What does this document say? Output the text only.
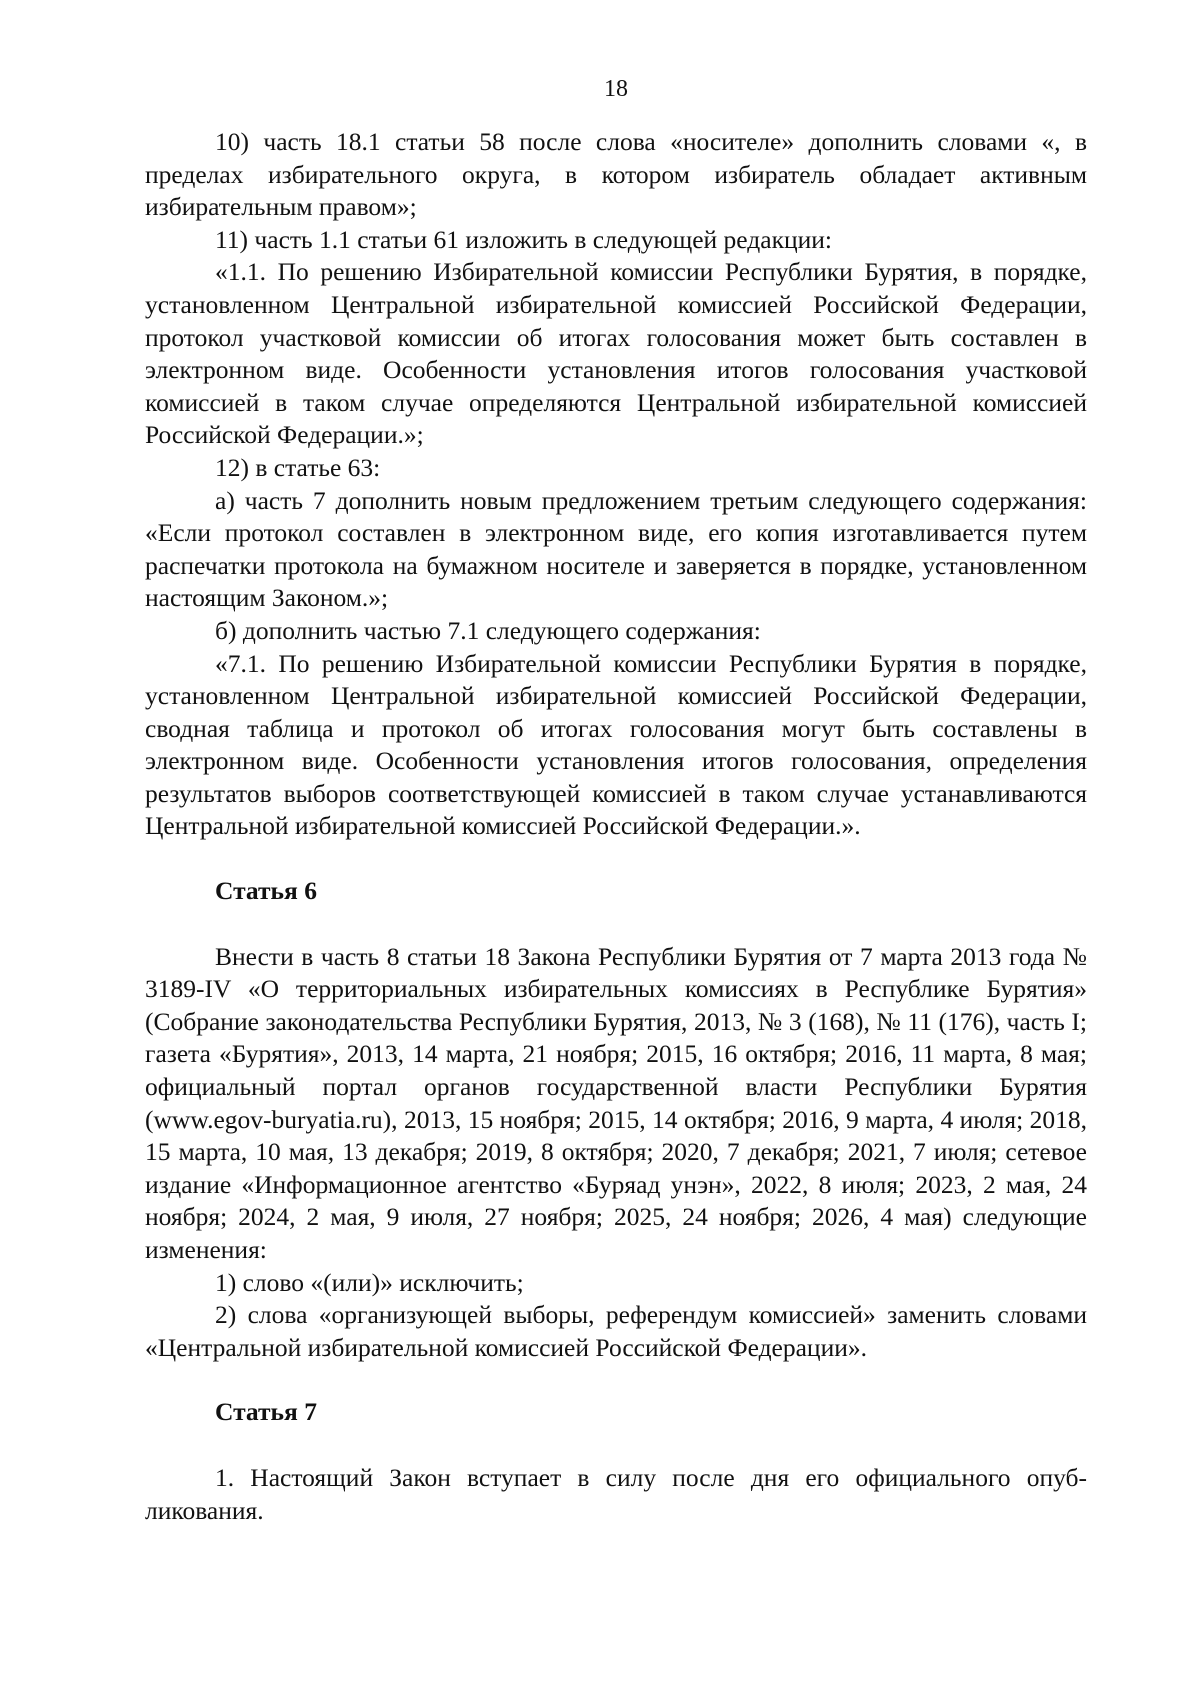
18

10) часть 18.1 статьи 58 после слова «носителе» дополнить словами «, в пределах избирательного округа, в котором избиратель обладает активным избирательным правом»;

11) часть 1.1 статьи 61 изложить в следующей редакции:

«1.1. По решению Избирательной комиссии Республики Бурятия, в порядке, установленном Центральной избирательной комиссией Российской Федерации, протокол участковой комиссии об итогах голосования может быть составлен в электронном виде. Особенности установления итогов голосования участковой комиссией в таком случае определяются Центральной избирательной комиссией Российской Федерации.»;

12) в статье 63:

а) часть 7 дополнить новым предложением третьим следующего содержания: «Если протокол составлен в электронном виде, его копия изготавливается путем распечатки протокола на бумажном носителе и заверяется в порядке, установленном настоящим Законом.»;

б) дополнить частью 7.1 следующего содержания:

«7.1. По решению Избирательной комиссии Республики Бурятия в порядке, установленном Центральной избирательной комиссией Российской Федерации, сводная таблица и протокол об итогах голосования могут быть составлены в электронном виде. Особенности установления итогов голосования, определения результатов выборов соответствующей комиссией в таком случае устанавливаются Центральной избирательной комиссией Российской Федерации.».

Статья 6

Внести в часть 8 статьи 18 Закона Республики Бурятия от 7 марта 2013 года № 3189-IV «О территориальных избирательных комиссиях в Республике Бурятия» (Собрание законодательства Республики Бурятия, 2013, № 3 (168), № 11 (176), часть I; газета «Бурятия», 2013, 14 марта, 21 ноября; 2015, 16 октября; 2016, 11 марта, 8 мая; официальный портал органов государственной власти Республики Бурятия (www.egov-buryatia.ru), 2013, 15 ноября; 2015, 14 октября; 2016, 9 марта, 4 июля; 2018, 15 марта, 10 мая, 13 декабря; 2019, 8 октября; 2020, 7 декабря; 2021, 7 июля; сетевое издание «Информационное агентство «Буряад унэн», 2022, 8 июля; 2023, 2 мая, 24 ноября; 2024, 2 мая, 9 июля, 27 ноября; 2025, 24 ноября; 2026, 4 мая) следующие изменения:

1) слово «(или)» исключить;

2) слова «организующей выборы, референдум комиссией» заменить словами «Центральной избирательной комиссией Российской Федерации».

Статья 7

1. Настоящий Закон вступает в силу после дня его официального опубликования.
